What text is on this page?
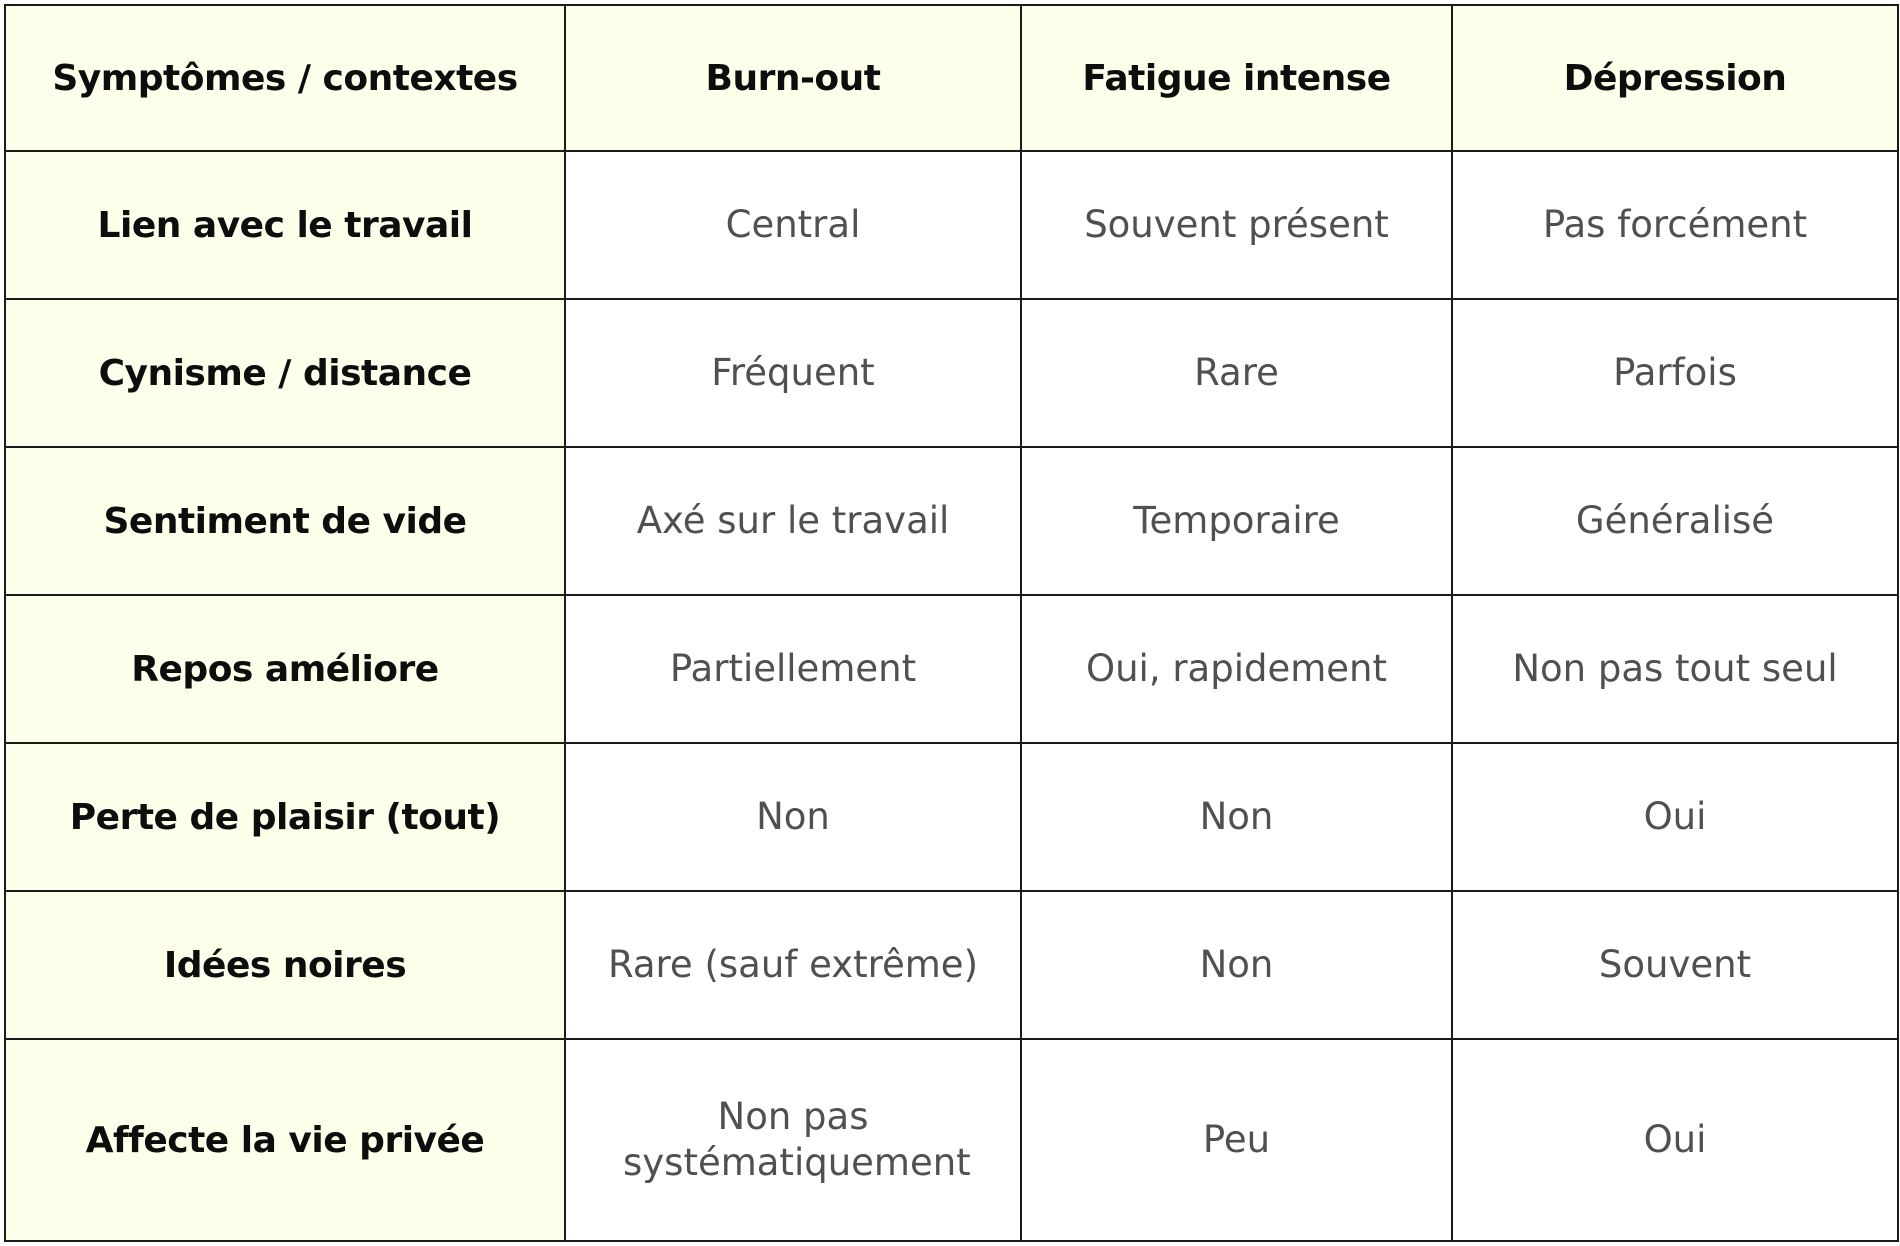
Symptômes / contextes	Burn-out	Fatigue intense	Dépression
Lien avec le travail	Central	Souvent présent	Pas forcément
Cynisme / distance	Fréquent	Rare	Parfois
Sentiment de vide	Axé sur le travail	Temporaire	Généralisé
Repos améliore	Partiellement	Oui, rapidement	Non pas tout seul
Perte de plaisir (tout)	Non	Non	Oui
Idées noires	Rare (sauf extrême)	Non	Souvent
Affecte la vie privée	Non pas systématiquement	Peu	Oui
